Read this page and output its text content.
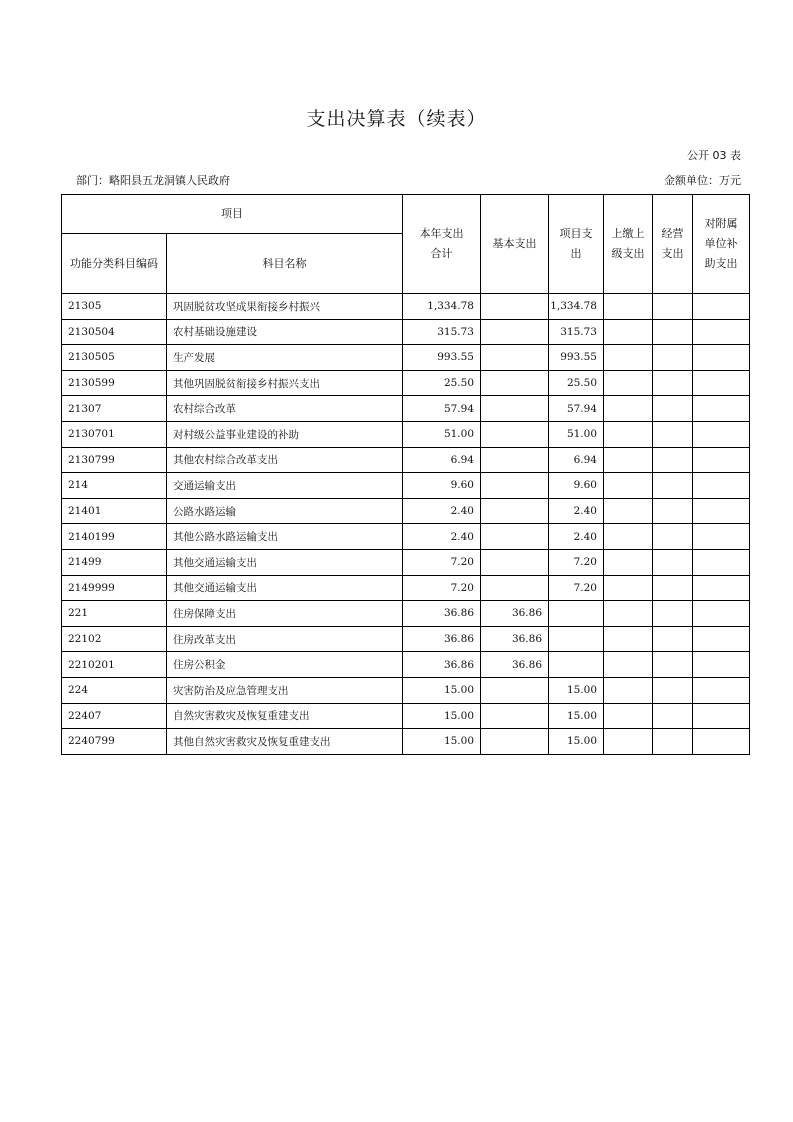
支出决算表（续表）
公开 03 表
部门：略阳县五龙洞镇人民政府	金额单位：万元
项目		本年支出合计	基本支出	项目支出	上缴上级支出	经营支出	对附属单位补助支出

功能分类科目编码	科目名称						
21305	巩固脱贫攻坚成果衔接乡村振兴	1,334.78		1,334.78			
2130504	农村基础设施建设	315.73		315.73			
2130505	生产发展	993.55		993.55			
2130599	其他巩固脱贫衔接乡村振兴支出	25.50		25.50			
21307	农村综合改革	57.94		57.94			
2130701	对村级公益事业建设的补助	51.00		51.00			
2130799	其他农村综合改革支出	6.94		6.94			
214	交通运输支出	9.60		9.60			
21401	公路水路运输	2.40		2.40			
2140199	其他公路水路运输支出	2.40		2.40			
21499	其他交通运输支出	7.20		7.20			
2149999	其他交通运输支出	7.20		7.20			
221	住房保障支出	36.86	36.86				
22102	住房改革支出	36.86	36.86				
2210201	住房公积金	36.86	36.86				
224	灾害防治及应急管理支出	15.00		15.00			
22407	自然灾害救灾及恢复重建支出	15.00		15.00			
2240799	其他自然灾害救灾及恢复重建支出	15.00		15.00			
